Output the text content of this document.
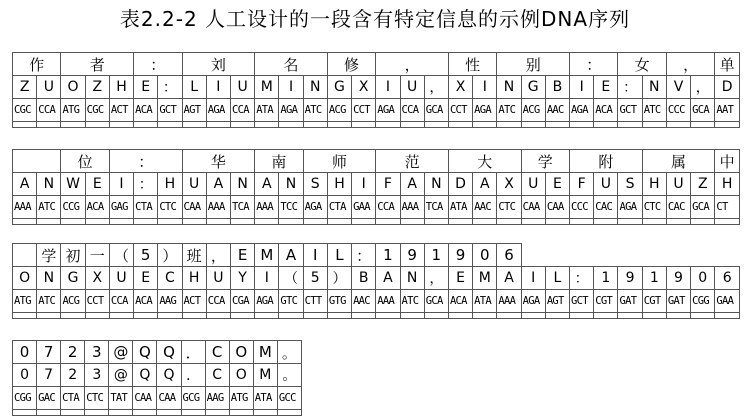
表2.2-2 人工设计的一段含有特定信息的示例DNA序列
作		者			：		刘			名			修		，			性		别			：		女		，		单
Z	U	O	Z	H	E	：	L	I	U	M	I	N	G	X	I	U	，	X	I	N	G	B	I	E	：	N	V	，	D
CGC	CCA	ATG	CGC	ACT	ACA	GCT	AGT	AGA	CCA	ATA	AGA	ATC	ACG	CCT	AGA	CCA	GCA	CCT	AGA	ATC	ACG	AAC	AGA	ACA	GCT	ATC	CCC	GCA	AAT

		位		：			华			南		师			范			大			学		附			属			中
A	N	W	E	I	：	H	U	A	N	A	N	S	H	I	F	A	N	D	A	X	U	E	F	U	S	H	U	Z	H
AAA	ATC	CCG	ACA	GAG	CTA	CTC	CAA	AAA	TCA	AAA	TCC	AGA	CTA	GAA	CCA	AAA	TCA	ATA	AAC	CTC	CAA	CAA	CCC	CAC	AGA	CTC	CAC	GCA	CT

	学	初	一	（	5	）	班	，	E	M	A	I	L	：	1	9	1	9	0	6									
O	N	G	X	U	E	C	H	U	Y	I	（	5	）	B	A	N	，	E	M	A	I	L	：	1	9	1	9	0	6
ATG	ATC	ACG	CCT	CCA	ACA	AAG	ACT	CCA	CGA	AGA	GTC	CTT	GTG	AAC	AAA	ATC	GCA	ACA	ATA	AAA	AGA	AGT	GCT	CGT	GAT	CGT	GAT	CGG	GAA

0	7	2	3	@	Q	Q	．	C	O	M	。
0	7	2	3	@	Q	Q	．	C	O	M	。
CGG	GAC	CTA	CTC	TAT	CAA	CAA	GCG	AAG	ATG	ATA	GCC
